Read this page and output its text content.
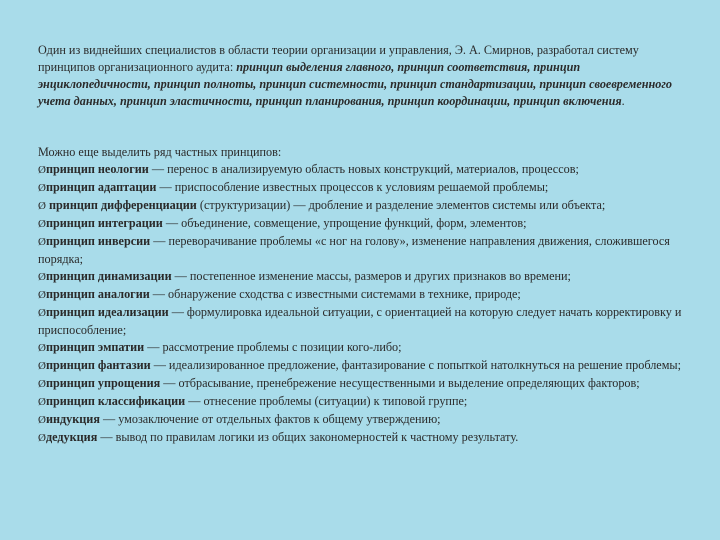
Один из виднейших специалистов в области теории организации и управления, Э. А. Смирнов, разработал систему принципов организационного аудита: принцип выделения главного, принцип соответствия, принцип энциклопедичности, принцип полноты, принцип системности, принцип стандартизации, принцип своевременного учета данных, принцип эластичности, принцип планирования, принцип координации, принцип включения.

Можно еще выделить ряд частных принципов:

Øпринцип неологии — перенос в анализируемую область новых конструкций, материалов, процессов;
Øпринцип адаптации — приспособление известных процессов к условиям решаемой проблемы;
Ø принцип дифференциации (структуризации) — дробление и разделение элементов системы или объекта;
Øпринцип интеграции — объединение, совмещение, упрощение функций, форм, элементов;
Øпринцип инверсии — переворачивание проблемы «с ног на голову», изменение направления движения, сложившегося порядка;
Øпринцип динамизации — постепенное изменение массы, размеров и других признаков во времени;
Øпринцип аналогии — обнаружение сходства с известными системами в технике, природе;
Øпринцип идеализации — формулировка идеальной ситуации, с ориентацией на которую следует начать корректировку и приспособление;
Øпринцип эмпатии — рассмотрение проблемы с позиции кого-либо;
Øпринцип фантазии — идеализированное предложение, фантазирование с попыткой натолкнуться на решение проблемы;
Øпринцип упрощения — отбрасывание, пренебрежение несущественными и выделение определяющих факторов;
Øпринцип классификации — отнесение проблемы (ситуации) к типовой группе;
Øиндукция — умозаключение от отдельных фактов к общему утверждению;
Øдедукция — вывод по правилам логики из общих закономерностей к частному результату.
